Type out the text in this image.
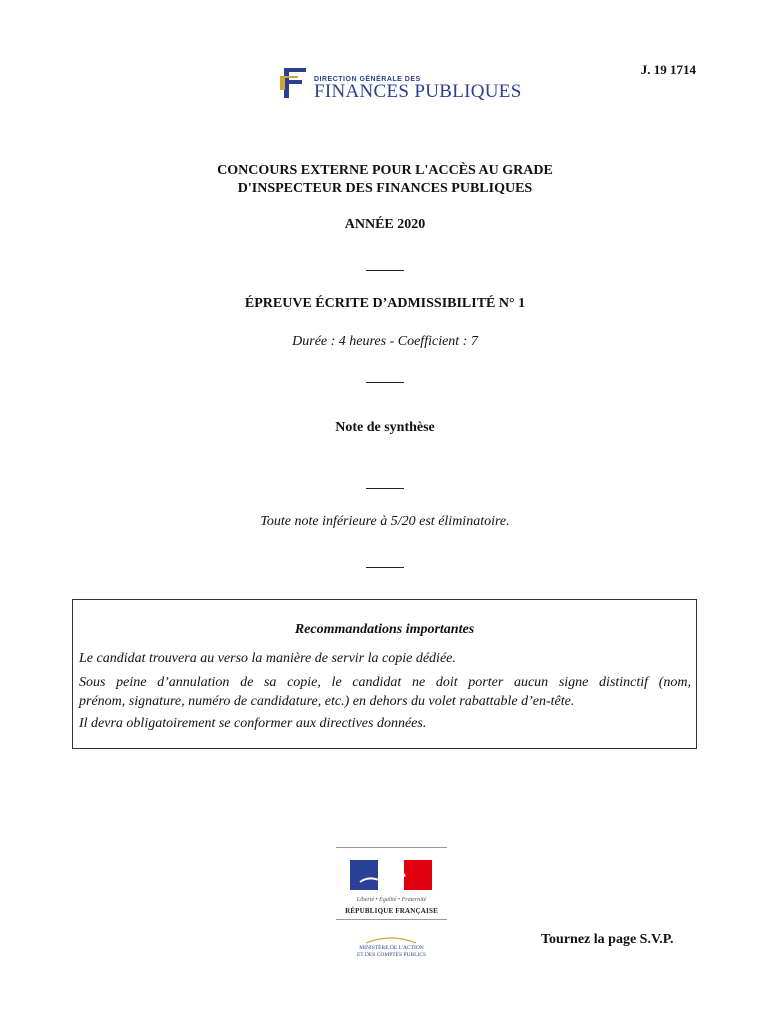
J. 19 1714
DIRECTION GÉNÉRALE DES
FINANCES PUBLIQUES
CONCOURS EXTERNE POUR L'ACCÈS AU GRADE
D'INSPECTEUR DES FINANCES PUBLIQUES
ANNÉE 2020
ÉPREUVE ÉCRITE D’ADMISSIBILITÉ N° 1
Durée : 4 heures - Coefficient : 7
Note de synthèse
Toute note inférieure à 5/20 est éliminatoire.
Recommandations importantes
Le candidat trouvera au verso la manière de servir la copie dédiée.
Sous peine d’annulation de sa copie, le candidat ne doit porter aucun signe distinctif (nom,
prénom, signature, numéro de candidature, etc.) en dehors du volet rabattable d’en-tête.
Il devra obligatoirement se conformer aux directives données.
Liberté • Égalité • Fraternité
RÉPUBLIQUE FRANÇAISE
MINISTÈRE DE L'ACTION
ET DES COMPTES PUBLICS
Tournez la page S.V.P.
